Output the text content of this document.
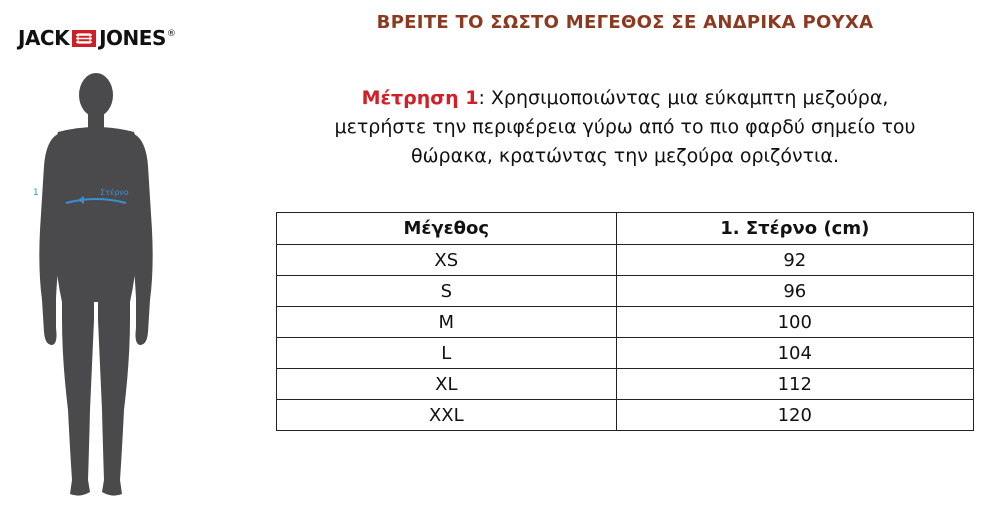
JACK JONES ®
1	Στέρνο
ΒΡΕΙΤΕ ΤΟ ΣΩΣΤΟ ΜΕΓΕΘΟΣ ΣΕ ΑΝΔΡΙΚΑ ΡΟΥΧΑ
Μέτρηση 1: Χρησιμοποιώντας μια εύκαμπτη μεζούρα,
μετρήστε την περιφέρεια γύρω από το πιο φαρδύ σημείο του
θώρακα, κρατώντας την μεζούρα οριζόντια.
Μέγεθος	1. Στέρνο (cm)
XS	92
S	96
M	100
L	104
XL	112
XXL	120
